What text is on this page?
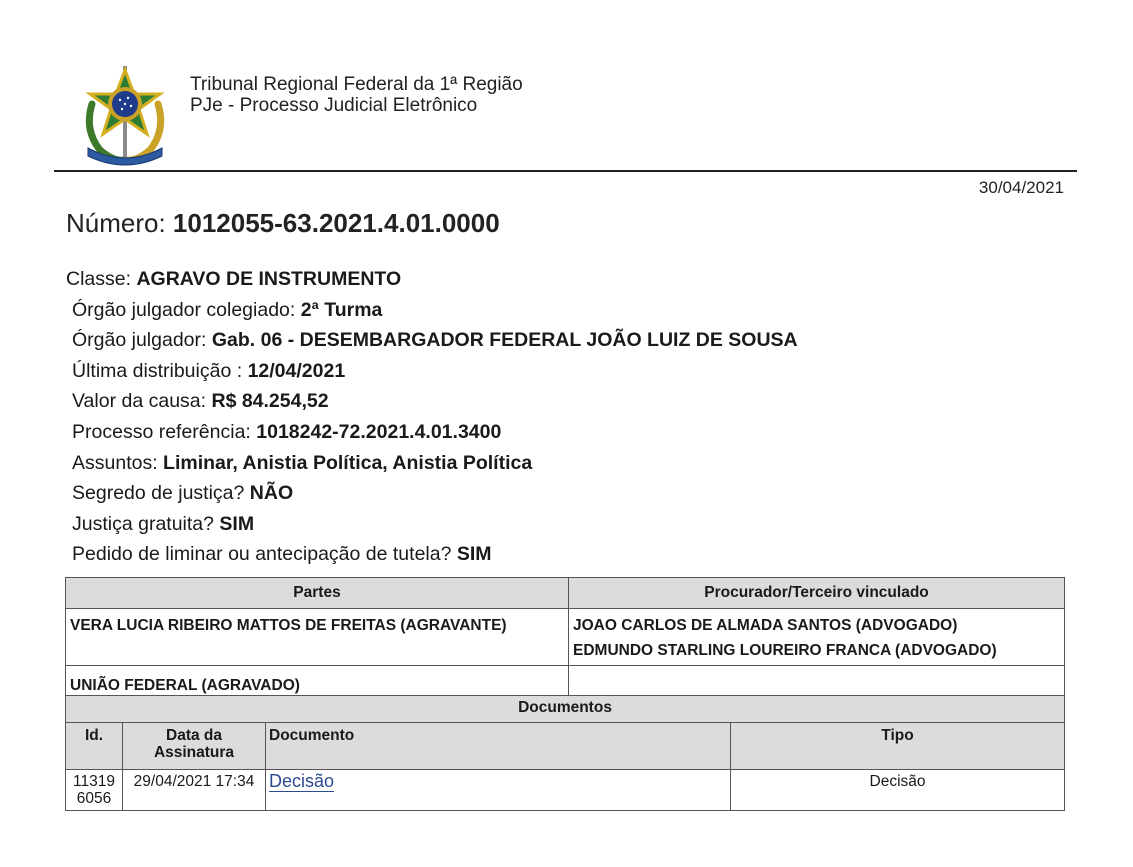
Tribunal Regional Federal da 1ª Região
PJe - Processo Judicial Eletrônico
30/04/2021
Número: 1012055-63.2021.4.01.0000
Classe: AGRAVO DE INSTRUMENTO
Órgão julgador colegiado: 2ª Turma
Órgão julgador: Gab. 06 - DESEMBARGADOR FEDERAL JOÃO LUIZ DE SOUSA
Última distribuição : 12/04/2021
Valor da causa: R$ 84.254,52
Processo referência: 1018242-72.2021.4.01.3400
Assuntos: Liminar, Anistia Política, Anistia Política
Segredo de justiça? NÃO
Justiça gratuita? SIM
Pedido de liminar ou antecipação de tutela? SIM
Partes	Procurador/Terceiro vinculado
VERA LUCIA RIBEIRO MATTOS DE FREITAS (AGRAVANTE)	JOAO CARLOS DE ALMADA SANTOS (ADVOGADO)
EDMUNDO STARLING LOUREIRO FRANCA (ADVOGADO)

UNIÃO FEDERAL (AGRAVADO)	
Documentos			
Id.	Data da Assinatura	Documento	Tipo
113196056	29/04/2021 17:34	Decisão	Decisão
